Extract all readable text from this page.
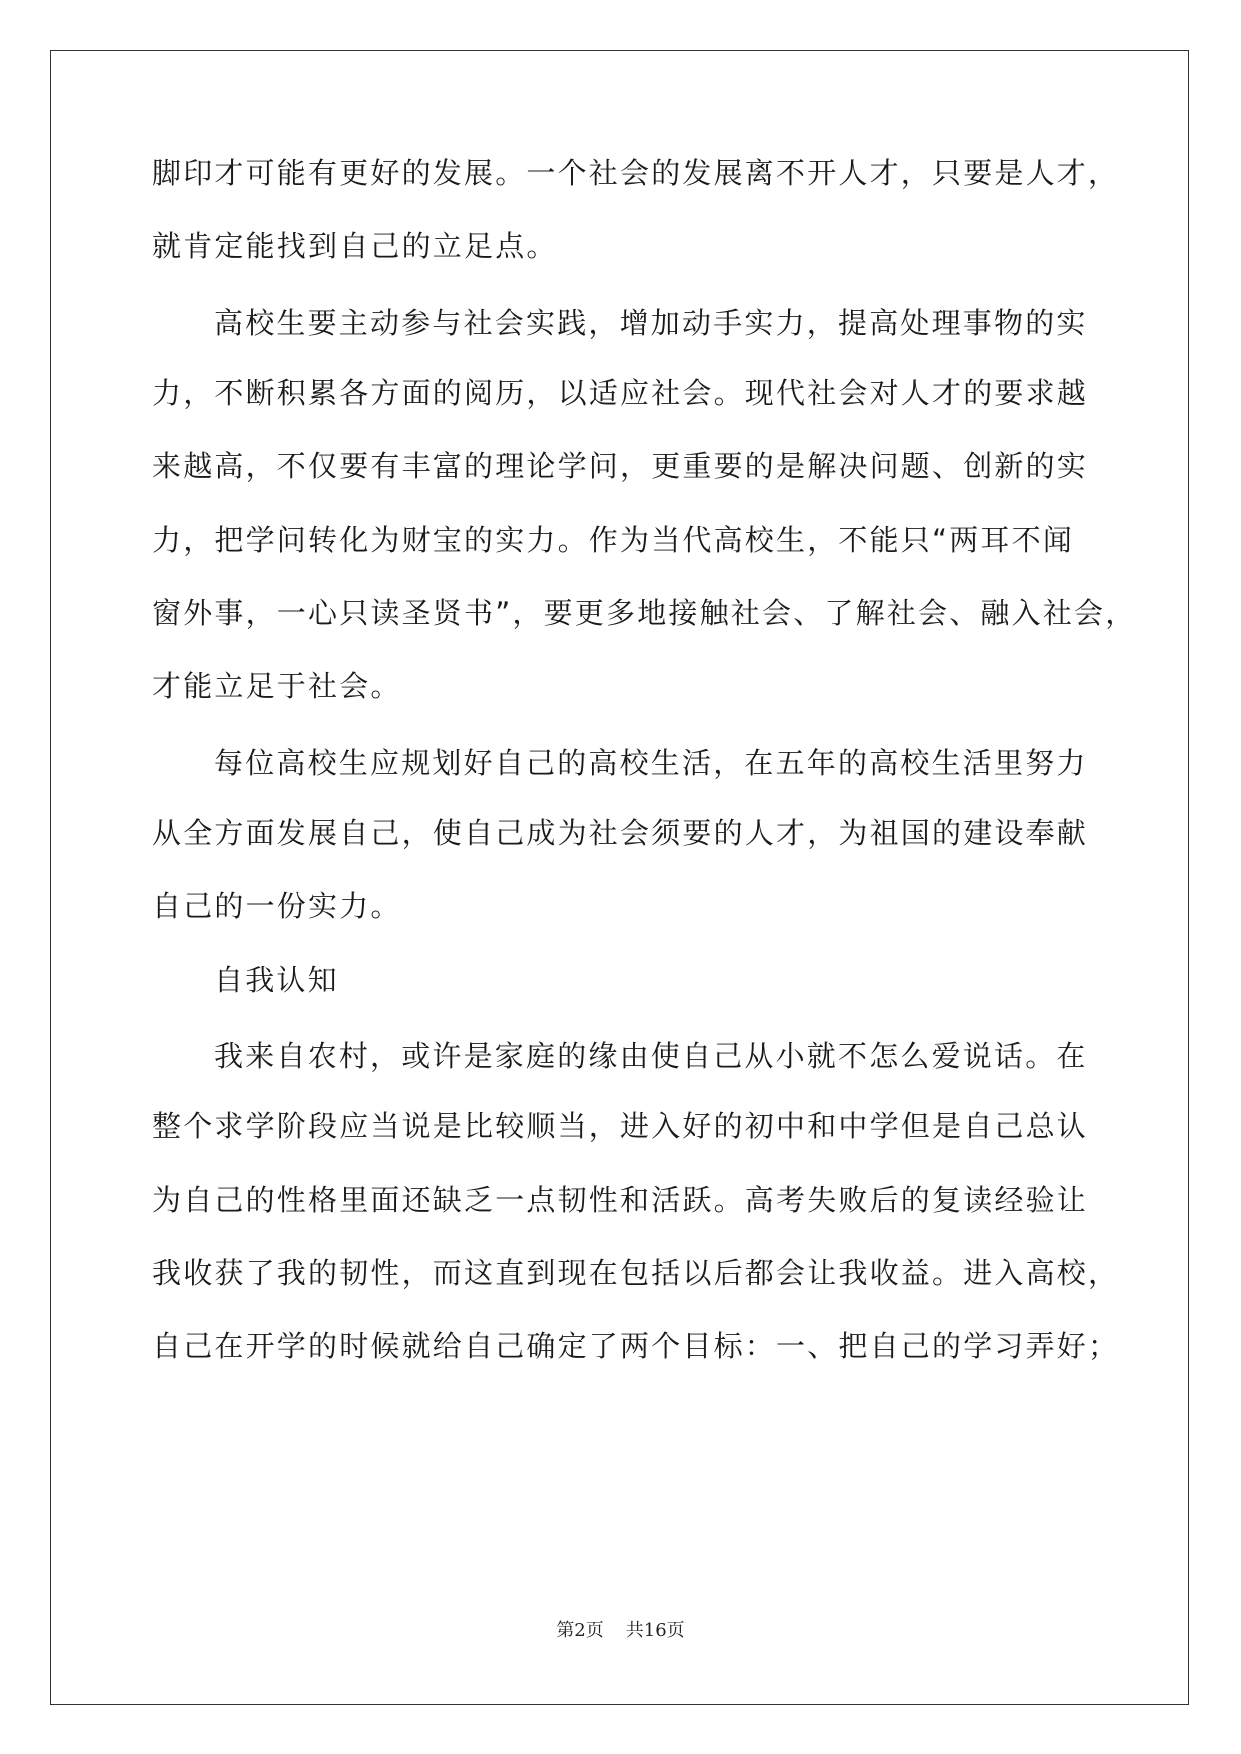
脚印才可能有更好的发展。一个社会的发展离不开人才，只要是人才，
就肯定能找到自己的立足点。
高校生要主动参与社会实践，增加动手实力，提高处理事物的实
力，不断积累各方面的阅历，以适应社会。现代社会对人才的要求越
来越高，不仅要有丰富的理论学问，更重要的是解决问题、创新的实
力，把学问转化为财宝的实力。作为当代高校生，不能只“两耳不闻
窗外事，一心只读圣贤书”，要更多地接触社会、了解社会、融入社会，
才能立足于社会。
每位高校生应规划好自己的高校生活，在五年的高校生活里努力
从全方面发展自己，使自己成为社会须要的人才，为祖国的建设奉献
自己的一份实力。
自我认知
我来自农村，或许是家庭的缘由使自己从小就不怎么爱说话。在
整个求学阶段应当说是比较顺当，进入好的初中和中学但是自己总认
为自己的性格里面还缺乏一点韧性和活跃。高考失败后的复读经验让
我收获了我的韧性，而这直到现在包括以后都会让我收益。进入高校，
自己在开学的时候就给自己确定了两个目标：一、把自己的学习弄好；
第2页 共16页
